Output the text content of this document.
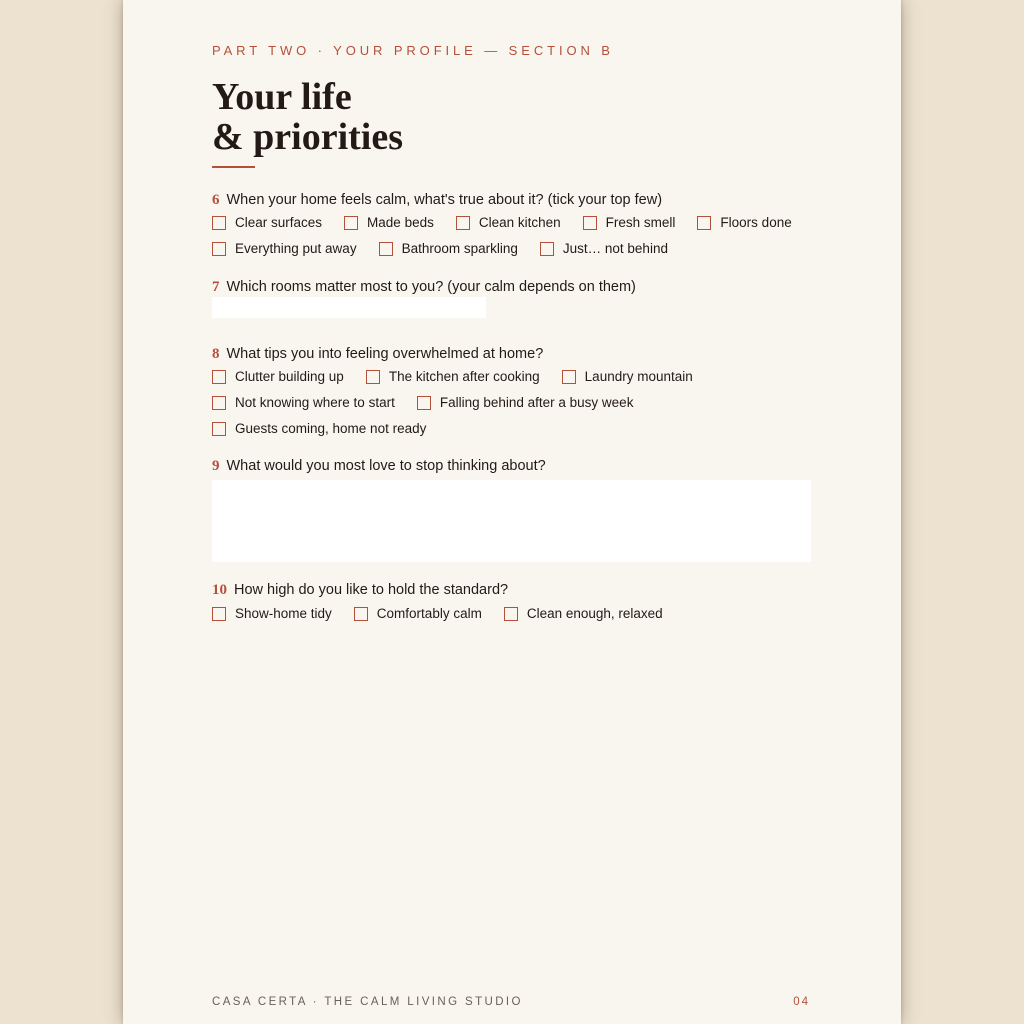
PART TWO · YOUR PROFILE — SECTION B
Your life
& priorities
6 When your home feels calm, what's true about it? (tick your top few)
Clear surfaces	Made beds	Clean kitchen	Fresh smell	Floors done
Everything put away	Bathroom sparkling	Just… not behind
7 Which rooms matter most to you? (your calm depends on them)
8 What tips you into feeling overwhelmed at home?
Clutter building up	The kitchen after cooking	Laundry mountain
Not knowing where to start	Falling behind after a busy week
Guests coming, home not ready
9 What would you most love to stop thinking about?
10 How high do you like to hold the standard?
Show-home tidy	Comfortably calm	Clean enough, relaxed
CASA CERTA · THE CALM LIVING STUDIO	04
